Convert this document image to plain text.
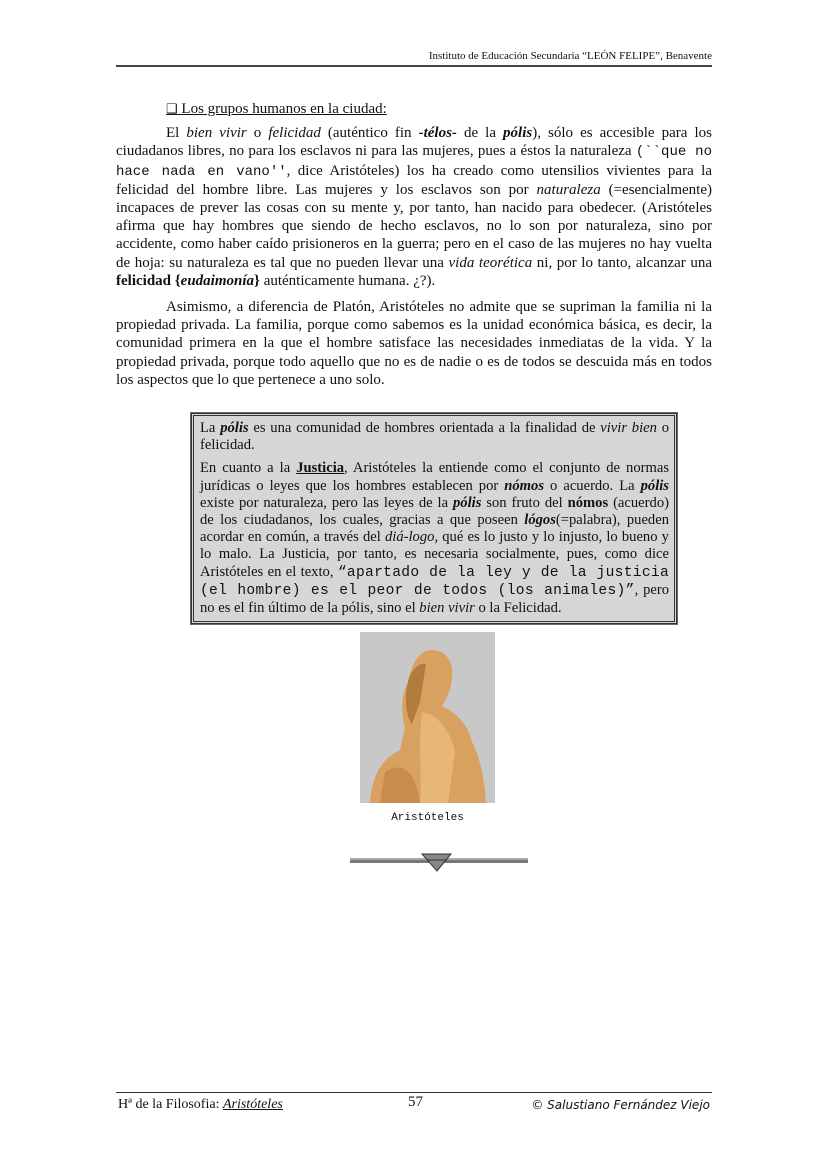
Instituto de Educación Secundaria “LEÓN FELIPE”, Benavente
❑ Los grupos humanos en la ciudad:

El bien vivir o felicidad (auténtico fin -télos- de la pólis), sólo es accesible para los ciudadanos libres, no para los esclavos ni para las mujeres, pues a éstos la naturaleza (``que no hace nada en vano'', dice Aristóteles) los ha creado como utensilios vivientes para la felicidad del hombre libre. Las mujeres y los esclavos son por naturaleza (=esencialmente) incapaces de prever las cosas con su mente y, por tanto, han nacido para obedecer. (Aristóteles afirma que hay hombres que siendo de hecho esclavos, no lo son por naturaleza, sino por accidente, como haber caído prisioneros en la guerra; pero en el caso de las mujeres no hay vuelta de hoja: su naturaleza es tal que no pueden llevar una vida teorética ni, por lo tanto, alcanzar una felicidad {eudaimonía} auténticamente humana. ¿?).

Asimismo, a diferencia de Platón, Aristóteles no admite que se supriman la familia ni la propiedad privada. La familia, porque como sabemos es la unidad económica básica, es decir, la comunidad primera en la que el hombre satisface las necesidades inmediatas de la vida. Y la propiedad privada, porque todo aquello que no es de nadie o es de todos se descuida más en todos los aspectos que lo que pertenece a uno solo.

La pólis es una comunidad de hombres orientada a la finalidad de vivir bien o felicidad.

En cuanto a la Justicia, Aristóteles la entiende como el conjunto de normas jurídicas o leyes que los hombres establecen por nómos o acuerdo. La pólis existe por naturaleza, pero las leyes de la pólis son fruto del nómos (acuerdo) de los ciudadanos, los cuales, gracias a que poseen lógos(=palabra), pueden acordar en común, a través del diá-logo, qué es lo justo y lo injusto, lo bueno y lo malo. La Justicia, por tanto, es necesaria socialmente, pues, como dice Aristóteles en el texto, “apartado de la ley y de la justicia (el hombre) es el peor de todos (los animales)”, pero no es el fin último de la pólis, sino el bien vivir o la Felicidad.

Aristóteles
Hª de la Filosofia: Aristóteles	57	© Salustiano Fernández Viejo
